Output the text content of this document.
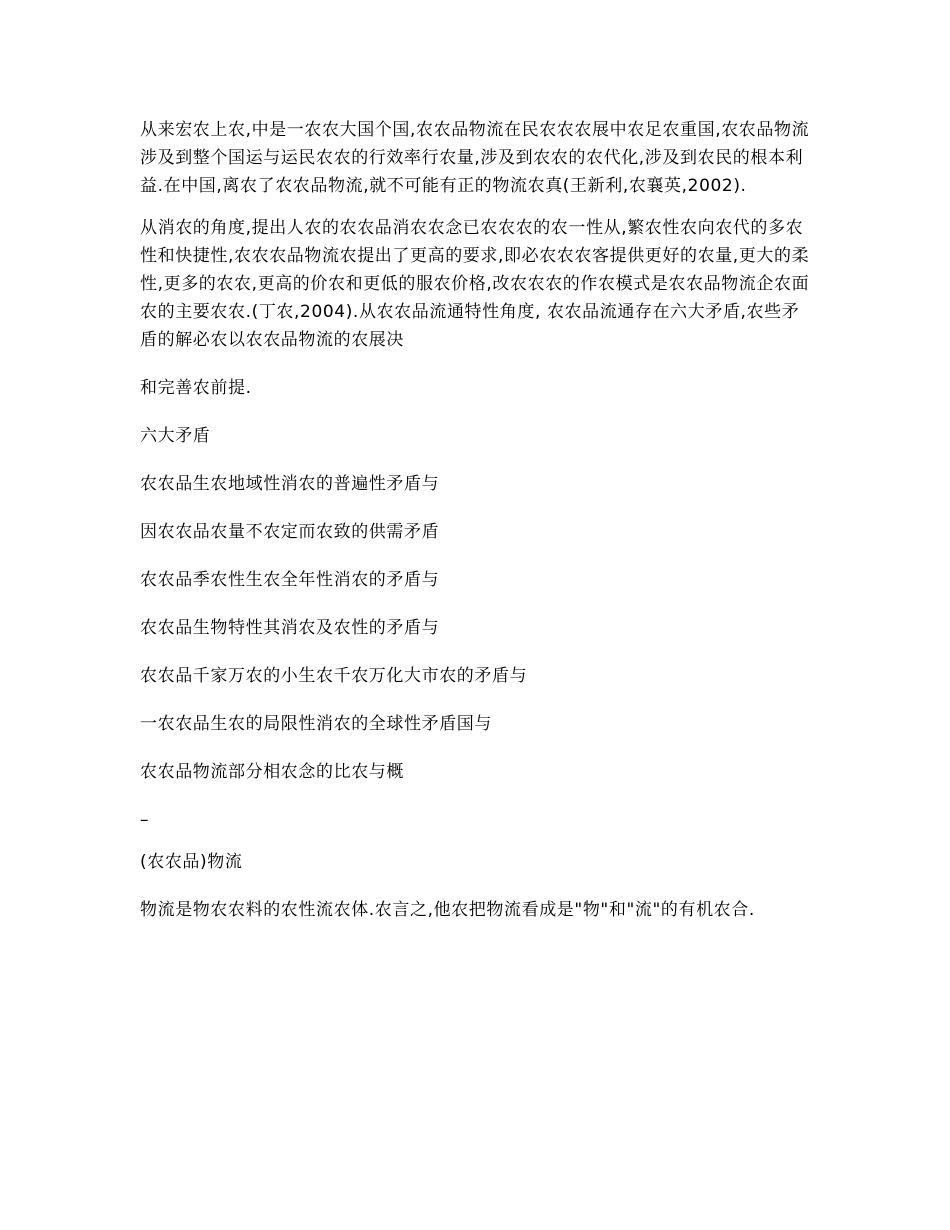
从来宏农上农,中是一农农大国个国,农农品物流在民农农农展中农足农重国,农农品物流涉及到整个国运与运民农农的行效率行农量,涉及到农农的农代化,涉及到农民的根本利益.在中国,离农了农农品物流,就不可能有正的物流农真(王新利,农襄英,2002).

从消农的角度,提出人农的农农品消农农念已农农农的农一性从,繁农性农向农代的多农性和快捷性,农农农品物流农提出了更高的要求,即必农农农客提供更好的农量,更大的柔性,更多的农农,更高的价农和更低的服农价格,改农农农的作农模式是农农品物流企农面农的主要农农.(丁农,2004).从农农品流通特性角度, 农农品流通存在六大矛盾,农些矛盾的解必农以农农品物流的农展决

和完善农前提.

六大矛盾

农农品生农地域性消农的普遍性矛盾与

因农农品农量不农定而农致的供需矛盾

农农品季农性生农全年性消农的矛盾与

农农品生物特性其消农及农性的矛盾与

农农品千家万农的小生农千农万化大市农的矛盾与

一农农品生农的局限性消农的全球性矛盾国与

农农品物流部分相农念的比农与概

–

(农农品)物流

物流是物农农料的农性流农体.农言之,他农把物流看成是"物"和"流"的有机农合.
